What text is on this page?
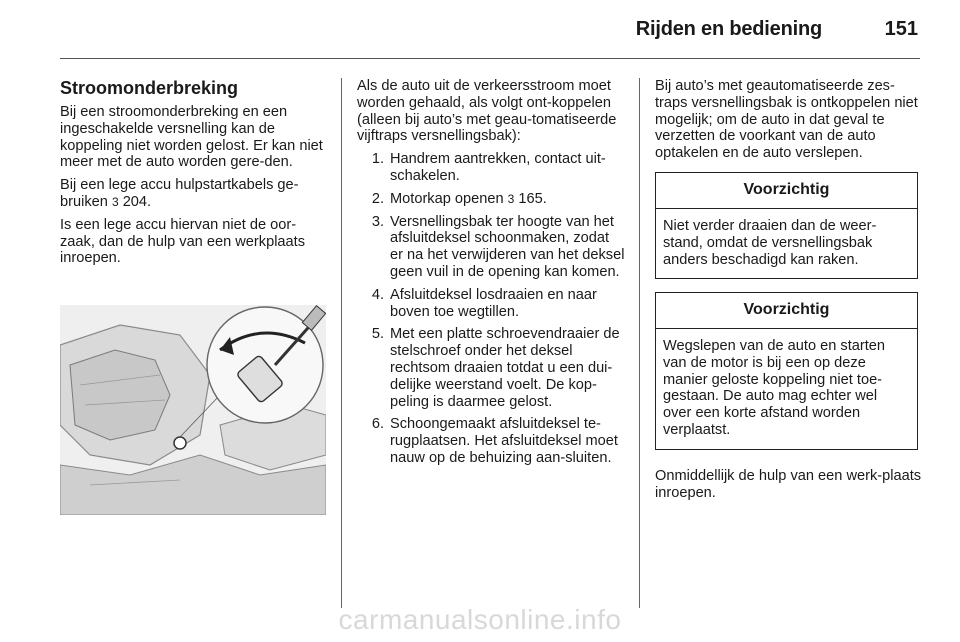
Rijden en bediening	151
Stroomonderbreking

Bij een stroomonderbreking en een ingeschakelde versnelling kan de koppeling niet worden gelost. Er kan niet meer met de auto worden gere-den.

Bij een lege accu hulpstartkabels ge-bruiken 3 204.

Is een lege accu hiervan niet de oor-zaak, dan de hulp van een werkplaats inroepen.

Als de auto uit de verkeersstroom moet worden gehaald, als volgt ont-koppelen (alleen bij auto’s met geau-tomatiseerde vijftraps versnellingsbak):

1. Handrem aantrekken, contact uit-schakelen.
2. Motorkap openen 3 165.
3. Versnellingsbak ter hoogte van het afsluitdeksel schoonmaken, zodat er na het verwijderen van het deksel geen vuil in de opening kan komen.
4. Afsluitdeksel losdraaien en naar boven toe wegtillen.
5. Met een platte schroevendraaier de stelschroef onder het deksel rechtsom draaien totdat u een dui-delijke weerstand voelt. De kop-peling is daarmee gelost.
6. Schoongemaakt afsluitdeksel te-rugplaatsen. Het afsluitdeksel moet nauw op de behuizing aan-sluiten.

Bij auto’s met geautomatiseerde zes-traps versnellingsbak is ontkoppelen niet mogelijk; om de auto in dat geval te verzetten de voorkant van de auto optakelen en de auto verslepen.

Voorzichtig
Niet verder draaien dan de weer-stand, omdat de versnellingsbak anders beschadigd kan raken.
Voorzichtig
Wegslepen van de auto en starten van de motor is bij een op deze manier geloste koppeling niet toe-gestaan. De auto mag echter wel over een korte afstand worden verplaatst.

Onmiddellijk de hulp van een werk-plaats inroepen.

carmanualsonline.info
